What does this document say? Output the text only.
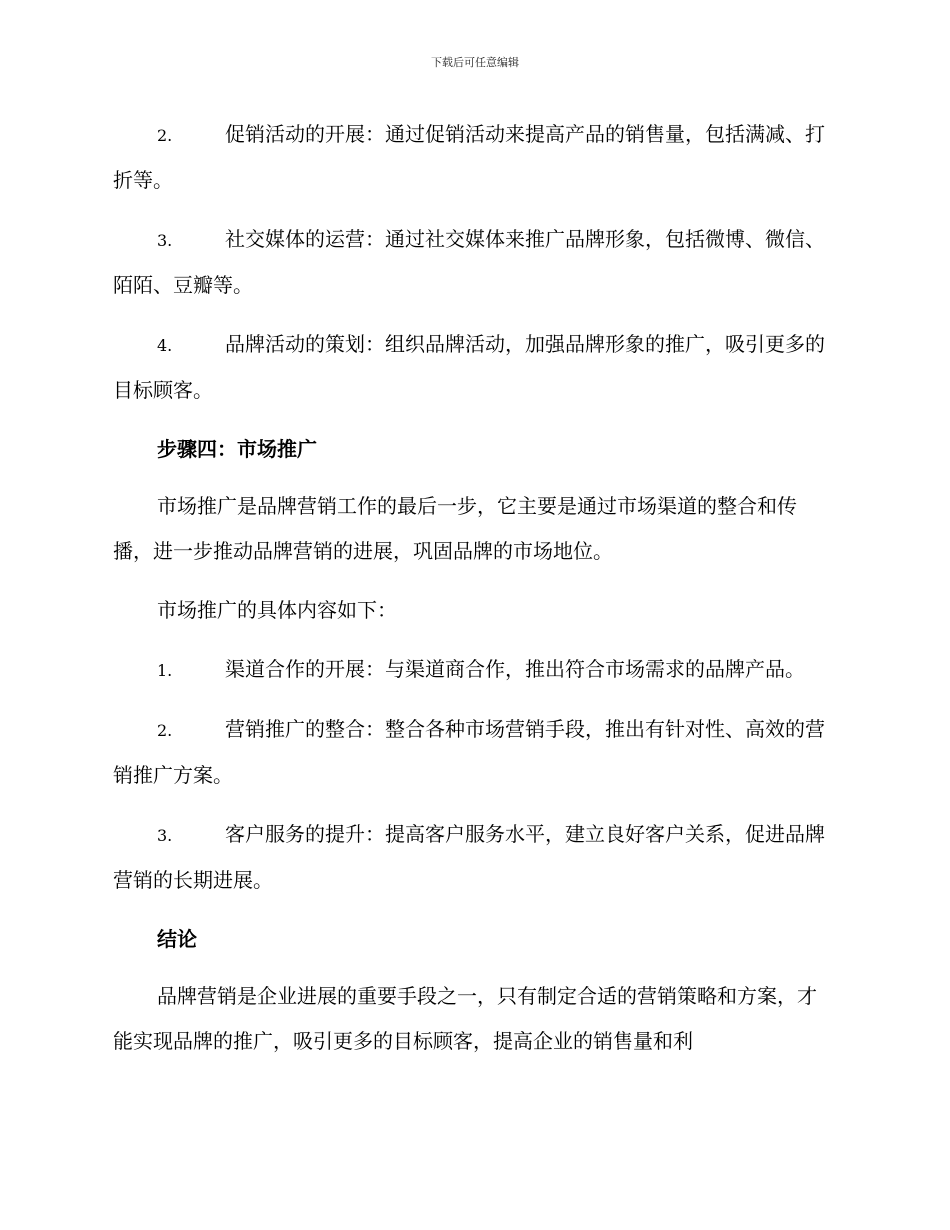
下载后可任意编辑

2.	促销活动的开展：通过促销活动来提高产品的销售量，包括满减、打折等。

3.	社交媒体的运营：通过社交媒体来推广品牌形象，包括微博、微信、陌陌、豆瓣等。

4.	品牌活动的策划：组织品牌活动，加强品牌形象的推广，吸引更多的目标顾客。

步骤四：市场推广

市场推广是品牌营销工作的最后一步，它主要是通过市场渠道的整合和传播，进一步推动品牌营销的进展，巩固品牌的市场地位。

市场推广的具体内容如下：

1.	渠道合作的开展：与渠道商合作，推出符合市场需求的品牌产品。

2.	营销推广的整合：整合各种市场营销手段，推出有针对性、高效的营销推广方案。

3.	客户服务的提升：提高客户服务水平，建立良好客户关系，促进品牌营销的长期进展。

结论

品牌营销是企业进展的重要手段之一，只有制定合适的营销策略和方案，才能实现品牌的推广，吸引更多的目标顾客，提高企业的销售量和利
